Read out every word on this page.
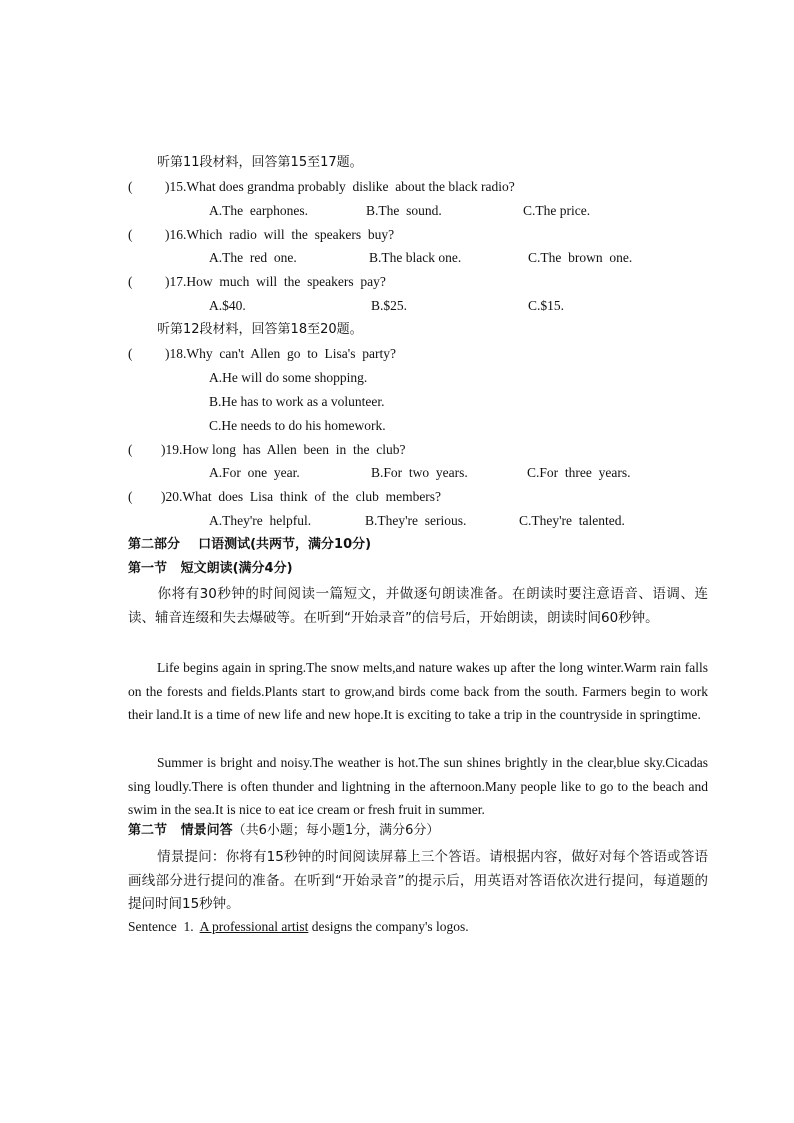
听第11段材料，回答第15至17题。
( )15.What does grandma probably  dislike  about the black radio?
A.The  earphones.	B.The  sound.	C.The price.
( )16.Which  radio  will  the  speakers  buy?
A.The  red  one.	B.The black one.	C.The  brown  one.
( )17.How  much  will  the  speakers  pay?
A.$40.	B.$25.	C.$15.
听第12段材料，回答第18至20题。
( )18.Why  can't  Allen  go  to  Lisa's  party?
A.He will do some shopping.
B.He has to work as a volunteer.
C.He needs to do his homework.
( )19.How long  has  Allen  been  in  the  club?
A.For  one  year.	B.For  two  years.	C.For  three  years.
( )20.What  does  Lisa  think  of  the  club  members?
A.They're  helpful.	B.They're  serious.	C.They're  talented.
第二部分    口语测试(共两节，满分10分)
第一节   短文朗读(满分4分)
你将有30秒钟的时间阅读一篇短文，并做逐句朗读准备。在朗读时要注意语音、语调、连读、辅音连缀和失去爆破等。在听到“开始录音”的信号后，开始朗读，朗读时间60秒钟。
Life begins again in spring.The snow melts,and nature wakes up after the long winter.Warm rain falls on the forests and fields.Plants start to grow,and birds come back from the south. Farmers begin to work their land.It is a time of new life and new hope.It is exciting to take a trip in the countryside in springtime.
Summer is bright and noisy.The weather is hot.The sun shines brightly in the clear,blue sky.Cicadas sing loudly.There is often thunder and lightning in the afternoon.Many people like to go to the beach and swim in the sea.It is nice to eat ice cream or fresh fruit in summer.
第二节   情景问答（共6小题；每小题1分，满分6分）
情景提问：你将有15秒钟的时间阅读屏幕上三个答语。请根据内容，做好对每个答语或答语画线部分进行提问的准备。在听到“开始录音”的提示后，用英语对答语依次进行提问，每道题的提问时间15秒钟。
Sentence  1.  A professional artist designs the company's logos.
